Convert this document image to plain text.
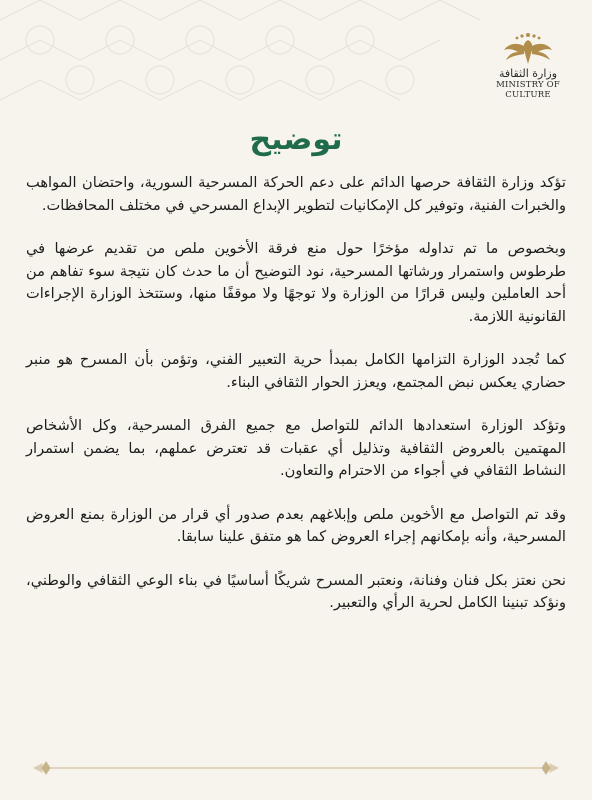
وزارة الثقافة
MINISTRY OF CULTURE
توضيح

تؤكد وزارة الثقافة حرصها الدائم على دعم الحركة المسرحية السورية، واحتضان المواهب والخبرات الفنية، وتوفير كل الإمكانيات لتطوير الإبداع المسرحي في مختلف المحافظات.

وبخصوص ما تم تداوله مؤخرًا حول منع فرقة الأخوين ملص من تقديم عرضها في طرطوس واستمرار ورشاتها المسرحية، نود التوضيح أن ما حدث كان نتيجة سوء تفاهم من أحد العاملين وليس قرارًا من الوزارة ولا توجهًا ولا موقفًا منها، وستتخذ الوزارة الإجراءات القانونية اللازمة.

كما تُجدد الوزارة التزامها الكامل بمبدأ حرية التعبير الفني، وتؤمن بأن المسرح هو منبر حضاري يعكس نبض المجتمع، ويعزز الحوار الثقافي البناء.

وتؤكد الوزارة استعدادها الدائم للتواصل مع جميع الفرق المسرحية، وكل الأشخاص المهتمين بالعروض الثقافية وتذليل أي عقبات قد تعترض عملهم، بما يضمن استمرار النشاط الثقافي في أجواء من الاحترام والتعاون.

وقد تم التواصل مع الأخوين ملص وإبلاغهم بعدم صدور أي قرار من الوزارة بمنع العروض المسرحية، وأنه بإمكانهم إجراء العروض كما هو متفق علينا سابقا.

نحن نعتز بكل فنان وفنانة، ونعتبر المسرح شريكًا أساسيًا في بناء الوعي الثقافي والوطني، ونؤكد تبنينا الكامل لحرية الرأي والتعبير.
